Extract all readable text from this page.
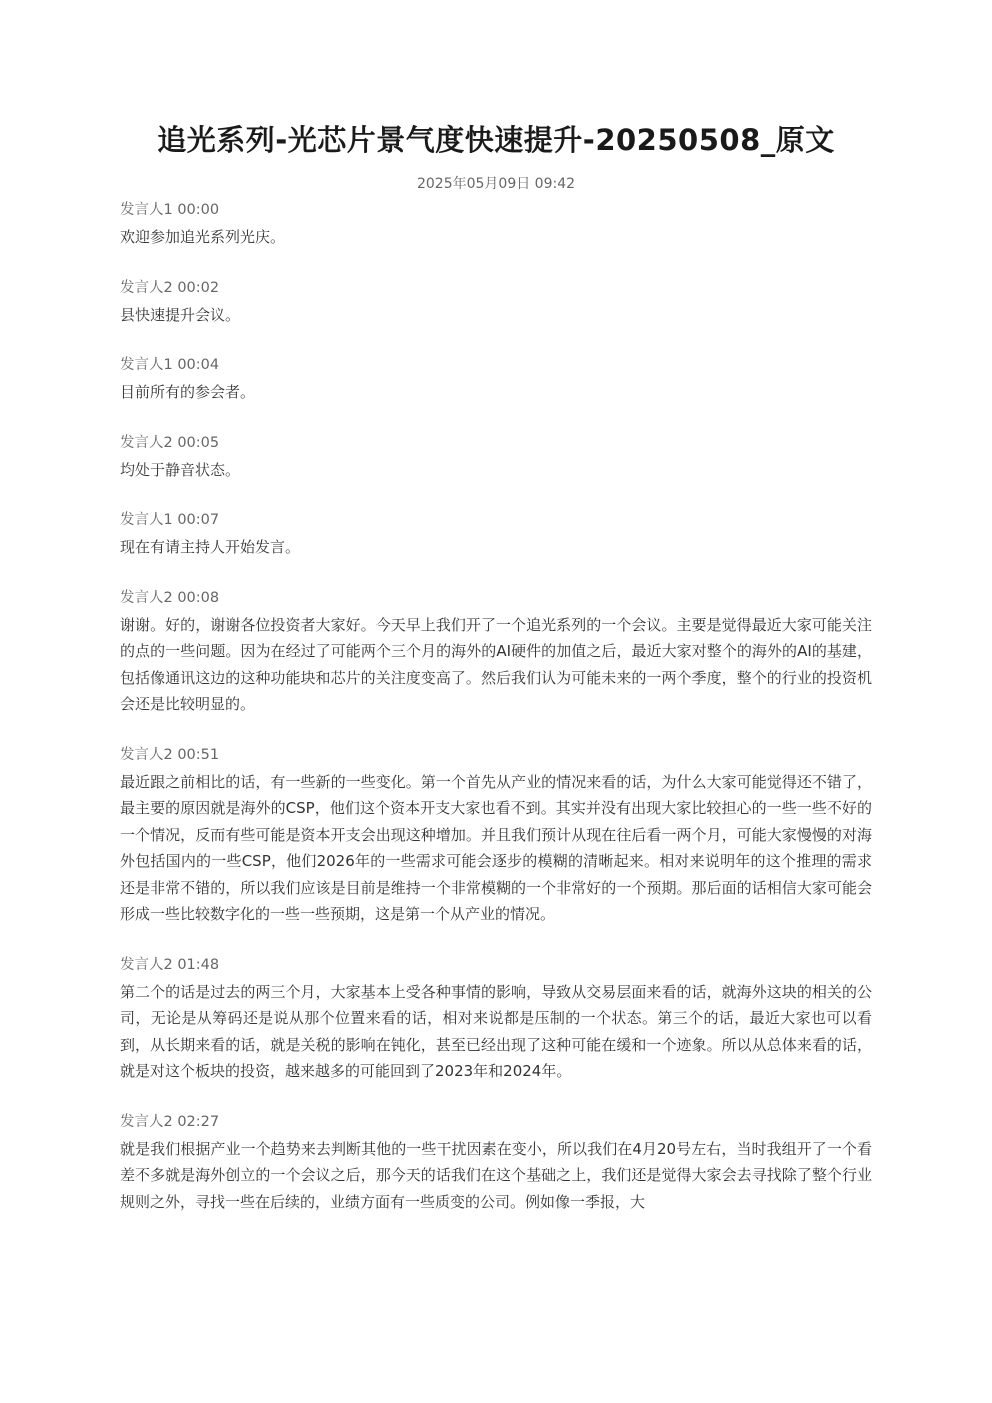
追光系列-光芯片景气度快速提升-20250508_原文
2025年05月09日 09:42
发言人1 00:00
欢迎参加追光系列光庆。
发言人2 00:02
县快速提升会议。
发言人1 00:04
目前所有的参会者。
发言人2 00:05
均处于静音状态。
发言人1 00:07
现在有请主持人开始发言。
发言人2 00:08
谢谢。好的，谢谢各位投资者大家好。今天早上我们开了一个追光系列的一个会议。主要是觉得最近大家可能关注的点的一些问题。因为在经过了可能两个三个月的海外的AI硬件的加值之后，最近大家对整个的海外的AI的基建，包括像通讯这边的这种功能块和芯片的关注度变高了。然后我们认为可能未来的一两个季度，整个的行业的投资机会还是比较明显的。
发言人2 00:51
最近跟之前相比的话，有一些新的一些变化。第一个首先从产业的情况来看的话，为什么大家可能觉得还不错了，最主要的原因就是海外的CSP，他们这个资本开支大家也看不到。其实并没有出现大家比较担心的一些一些不好的一个情况，反而有些可能是资本开支会出现这种增加。并且我们预计从现在往后看一两个月，可能大家慢慢的对海外包括国内的一些CSP，他们2026年的一些需求可能会逐步的模糊的清晰起来。相对来说明年的这个推理的需求还是非常不错的，所以我们应该是目前是维持一个非常模糊的一个非常好的一个预期。那后面的话相信大家可能会形成一些比较数字化的一些一些预期，这是第一个从产业的情况。
发言人2 01:48
第二个的话是过去的两三个月，大家基本上受各种事情的影响，导致从交易层面来看的话，就海外这块的相关的公司，无论是从筹码还是说从那个位置来看的话，相对来说都是压制的一个状态。第三个的话，最近大家也可以看到，从长期来看的话，就是关税的影响在钝化，甚至已经出现了这种可能在缓和一个迹象。所以从总体来看的话，就是对这个板块的投资，越来越多的可能回到了2023年和2024年。
发言人2 02:27
就是我们根据产业一个趋势来去判断其他的一些干扰因素在变小，所以我们在4月20号左右，当时我组开了一个看差不多就是海外创立的一个会议之后，那今天的话我们在这个基础之上，我们还是觉得大家会去寻找除了整个行业规则之外，寻找一些在后续的，业绩方面有一些质变的公司。例如像一季报，大
